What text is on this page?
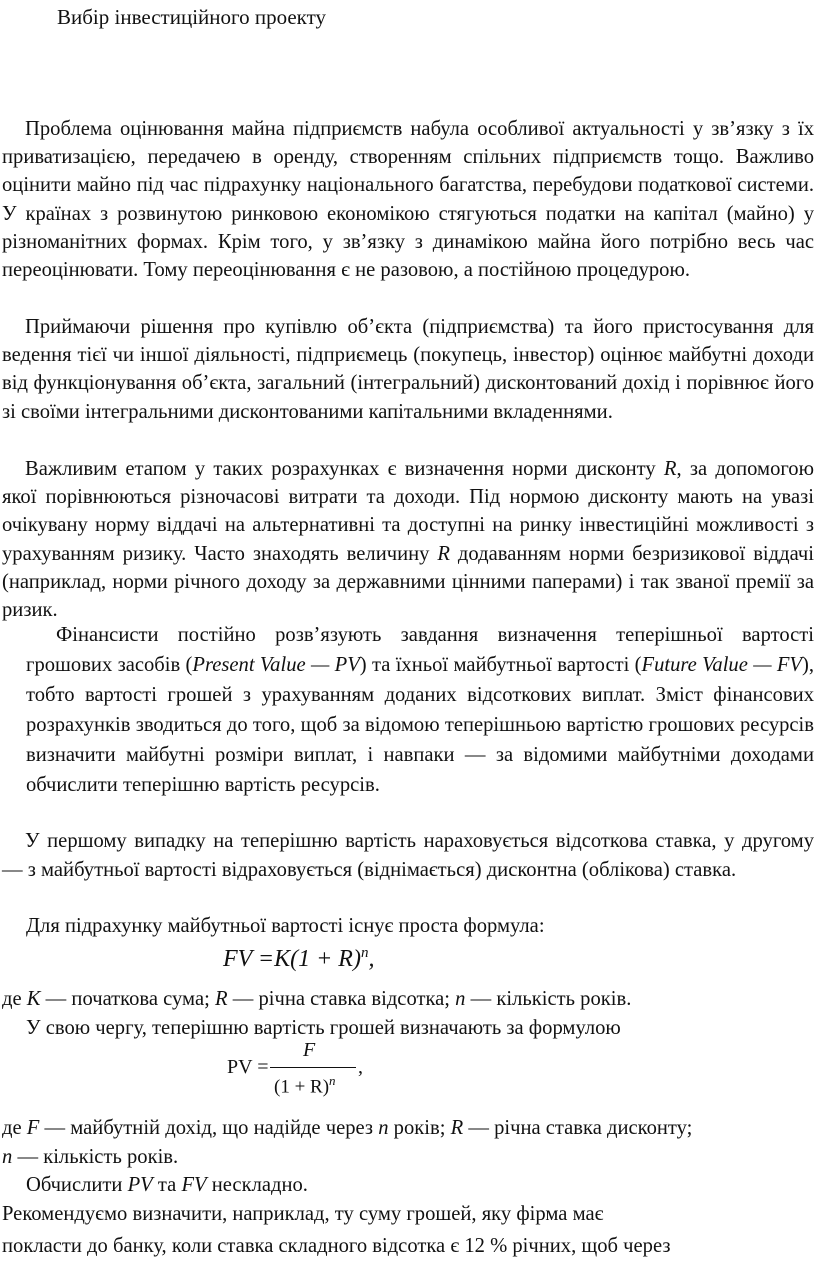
Вибір інвестиційного проекту

Проблема оцінювання майна підприємств набула особливої актуальності у зв’язку з їх приватизацією, передачею в оренду, створенням спільних підприємств тощо. Важливо оцінити майно під час підрахунку національного багатства, перебудови податкової системи. У країнах з розвинутою ринковою економікою стягуються податки на капітал (майно) у різноманітних формах. Крім того, у зв’язку з динамікою майна його потрібно весь час переоцінювати. Тому переоцінювання є не разовою, а постійною процедурою.

Приймаючи рішення про купівлю об’єкта (підприємства) та його пристосування для ведення тієї чи іншої діяльності, підприємець (покупець, інвестор) оцінює майбутні доходи від функціонування об’єкта, загальний (інтегральний) дисконтований дохід і порівнює його зі своїми інтегральними дисконтованими капітальними вкладеннями.

Важливим етапом у таких розрахунках є визначення норми дисконту R, за допомогою якої порівнюються різночасові витрати та доходи. Під нормою дисконту мають на увазі очікувану норму віддачі на альтернативні та доступні на ринку інвестиційні можливості з урахуванням ризику. Часто знаходять величину R додаванням норми безризикової віддачі (наприклад, норми річного доходу за державними цінними паперами) і так званої премії за ризик.

Фінансисти постійно розв’язують завдання визначення теперішньої вартості грошових засобів (Present Value — PV) та їхньої майбутньої вартості (Future Value — FV), тобто вартості грошей з урахуванням доданих відсоткових виплат. Зміст фінансових розрахунків зводиться до того, щоб за відомою теперішньою вартістю грошових ресурсів визначити майбутні розміри виплат, і навпаки — за відомими майбутніми доходами обчислити теперішню вартість ресурсів.

У першому випадку на теперішню вартість нараховується відсоткова ставка, у другому — з майбутньої вартості відраховується (віднімається) дисконтна (облікова) ставка.

Для підрахунку майбутньої вартості існує проста формула:
FV $=K(1 + R)^n$,
де K — початкова сума; R — річна ставка відсотка; n — кількість років.
У свою чергу, теперішню вартість грошей визначають за формулою
PV =
F
$(1 + R)^n$
,
де F — майбутній дохід, що надійде через n років; R — річна ставка дисконту;
n — кількість років.
Обчислити PV та FV нескладно.
Рекомендуємо визначити, наприклад, ту суму грошей, яку фірма має
покласти до банку, коли ставка складного відсотка є 12 % річних, щоб через
